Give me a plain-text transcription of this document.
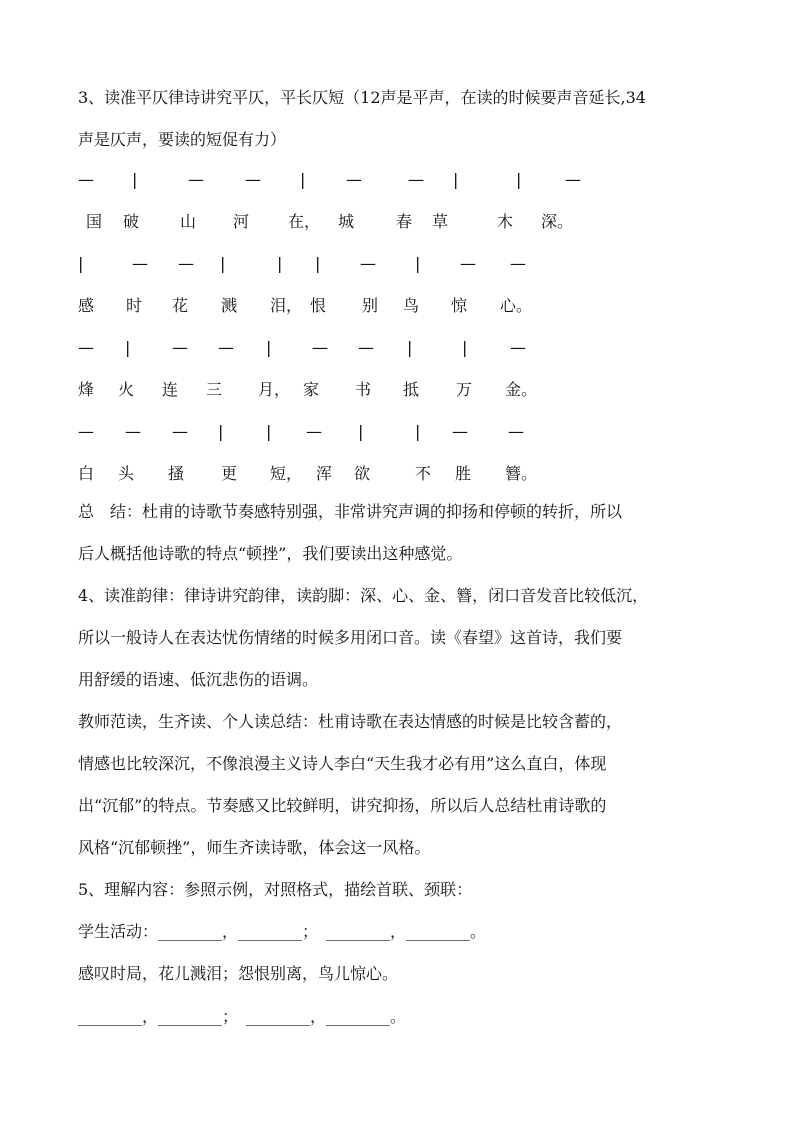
3、读准平仄律诗讲究平仄，平长仄短（12声是平声，在读的时候要声音延长,34
声是仄声，要读的短促有力）
— |	—	— |	—	— |	|	—
国 破	山 河 在， 城	春 草	木 深。
|	— — |	| | — | — —
感 时 花 溅 泪， 恨 别 鸟 惊 心。
— |	— — |	— — |	|	—
烽 火 连 三 月， 家 书 抵 万 金。
— — — |	| — |	| —	—
白 头 搔 更 短， 浑 欲	不 胜 簪。
总　结：杜甫的诗歌节奏感特别强，非常讲究声调的抑扬和停顿的转折，所以
后人概括他诗歌的特点“顿挫”，我们要读出这种感觉。
4、读准韵律：律诗讲究韵律，读韵脚：深、心、金、簪，闭口音发音比较低沉，
所以一般诗人在表达忧伤情绪的时候多用闭口音。读《春望》这首诗，我们要
用舒缓的语速、低沉悲伤的语调。
教师范读，生齐读、个人读总结：杜甫诗歌在表达情感的时候是比较含蓄的，
情感也比较深沉，不像浪漫主义诗人李白“天生我才必有用”这么直白，体现
出“沉郁”的特点。节奏感又比较鲜明，讲究抑扬，所以后人总结杜甫诗歌的
风格“沉郁顿挫”，师生齐读诗歌，体会这一风格。
5、理解内容：参照示例，对照格式，描绘首联、颈联：
学生活动：________，________；　________，________。
感叹时局，花儿溅泪；怨恨别离，鸟儿惊心。
________，________；　________，________。
